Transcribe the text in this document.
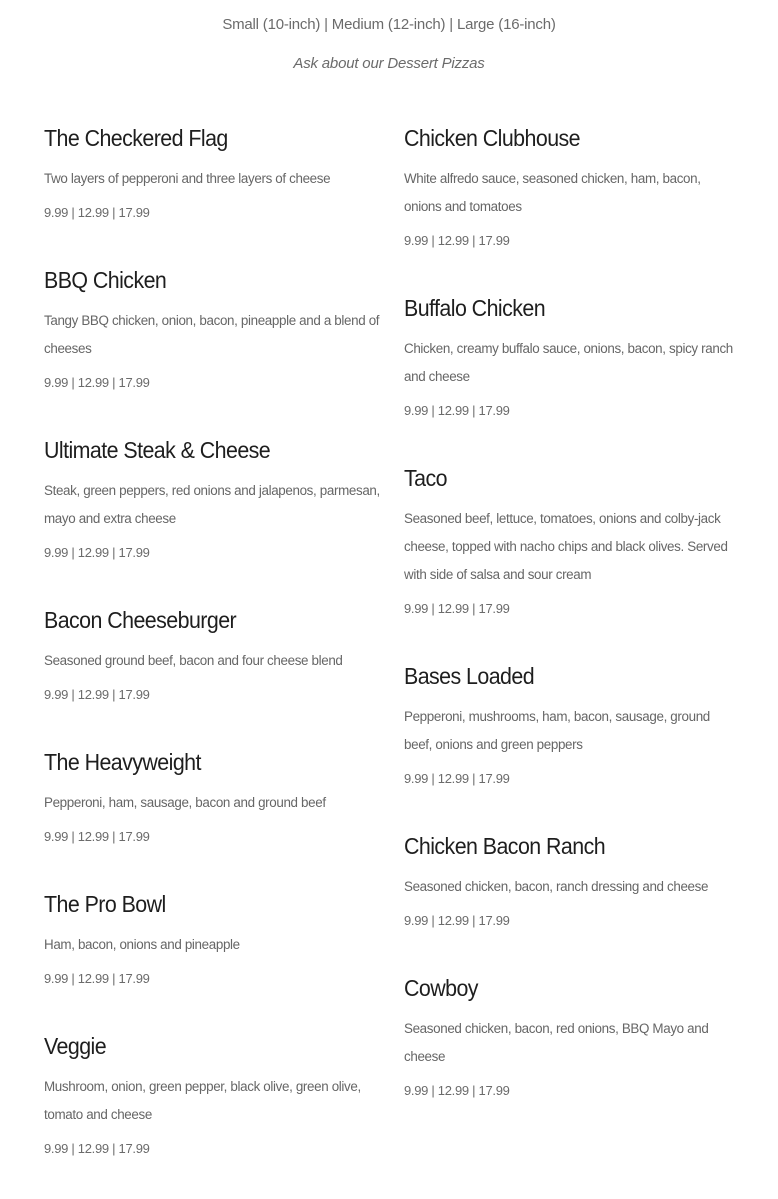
Small (10-inch) | Medium (12-inch) | Large (16-inch)
Ask about our Dessert Pizzas
The Checkered Flag

Two layers of pepperoni and three layers of cheese

9.99 | 12.99 | 17.99

BBQ Chicken

Tangy BBQ chicken, onion, bacon, pineapple and a blend of cheeses

9.99 | 12.99 | 17.99

Ultimate Steak & Cheese

Steak, green peppers, red onions and jalapenos, parmesan, mayo and extra cheese

9.99 | 12.99 | 17.99

Bacon Cheeseburger

Seasoned ground beef, bacon and four cheese blend

9.99 | 12.99 | 17.99

The Heavyweight

Pepperoni, ham, sausage, bacon and ground beef

9.99 | 12.99 | 17.99

The Pro Bowl

Ham, bacon, onions and pineapple

9.99 | 12.99 | 17.99

Veggie

Mushroom, onion, green pepper, black olive, green olive, tomato and cheese

9.99 | 12.99 | 17.99

Chicken Clubhouse

White alfredo sauce, seasoned chicken, ham, bacon, onions and tomatoes

9.99 | 12.99 | 17.99

Buffalo Chicken

Chicken, creamy buffalo sauce, onions, bacon, spicy ranch and cheese

9.99 | 12.99 | 17.99

Taco

Seasoned beef, lettuce, tomatoes, onions and colby-jack cheese, topped with nacho chips and black olives. Served with side of salsa and sour cream

9.99 | 12.99 | 17.99

Bases Loaded

Pepperoni, mushrooms, ham, bacon, sausage, ground beef, onions and green peppers

9.99 | 12.99 | 17.99

Chicken Bacon Ranch

Seasoned chicken, bacon, ranch dressing and cheese

9.99 | 12.99 | 17.99

Cowboy

Seasoned chicken, bacon, red onions, BBQ Mayo and cheese

9.99 | 12.99 | 17.99
